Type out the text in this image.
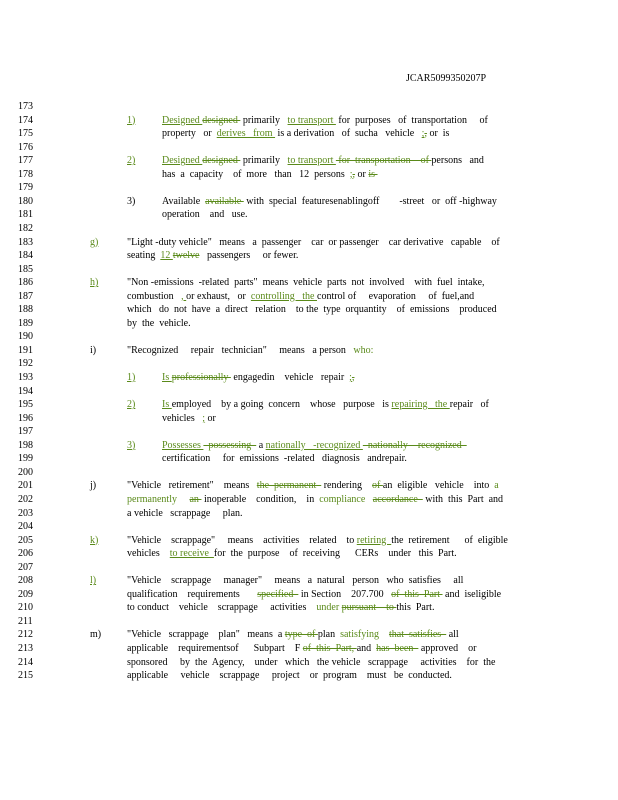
JCAR5099350207P
173
174	1)	Designed designed  primarily   to transport  for  purposes   of  transportation     of
175	property   or  derives   from  is a derivation   of  sucha   vehicle   ;, or  is
176
177	2)	Designed designed  primarily   to transport  for  transportation    of persons   and
178	has  a  capacity    of  more   than   12  persons  ;, or is
179
180	3)	Available  available  with  special  featuresenablingoff        -street   or  off -highway
181	operation    and   use.
182
183	g)	"Light -duty vehicle"   means   a  passenger    car  or passenger    car derivative   capable    of
184	seating  12 twelve   passengers     or fewer.
185
186	h)	"Non -emissions  -related  parts"  means  vehicle  parts  not  involved    with  fuel  intake,
187	combustion   , or exhaust,   or  controlling   the control of     evaporation     of  fuel,and
188	which   do  not  have  a  direct   relation    to the  type  orquantity    of  emissions    produced
189	by  the  vehicle.
190
191	i)	"Recognized     repair   technician"     means   a person   who:
192
193	1)	Is professionally  engagedin    vehicle   repair  ;,
194
195	2)	Is employed    by a going  concern    whose   purpose   is repairing   the repair   of
196	vehicles   ; or
197
198	3)	Possesses   possessing   a nationally   -recognized   nationally    recognized
199	certification     for  emissions  -related   diagnosis   andrepair.
200
201	j)	"Vehicle   retirement"    means   the  permanent   rendering    of an  eligible   vehicle    into  a
202	permanently     an  inoperable    condition,    in  compliance   accordance   with  this  Part  and
203	a vehicle   scrappage     plan.
204
205	k)	"Vehicle    scrappage"     means    activities    related    to retiring  the  retirement      of  eligible
206	vehicles    to receive  for  the  purpose    of  receiving      CERs    under   this  Part.
207
208	l)	"Vehicle    scrappage     manager"     means   a  natural   person   who  satisfies     all
209	qualification    requirements       specified   in Section    207.700   of  this  Part  and  iseligible
210	to conduct    vehicle    scrappage     activities    under pursuant    to this  Part.
211
212	m)	"Vehicle   scrappage    plan"   means  a type  of plan  satisfying    that  satisfies   all
213	applicable    requirementsof      Subpart    F of  this  Part, and  has  been   approved    or
214	sponsored     by  the  Agency,    under   which   the vehicle   scrappage     activities    for  the
215	applicable     vehicle    scrappage     project    or  program    must   be  conducted.
